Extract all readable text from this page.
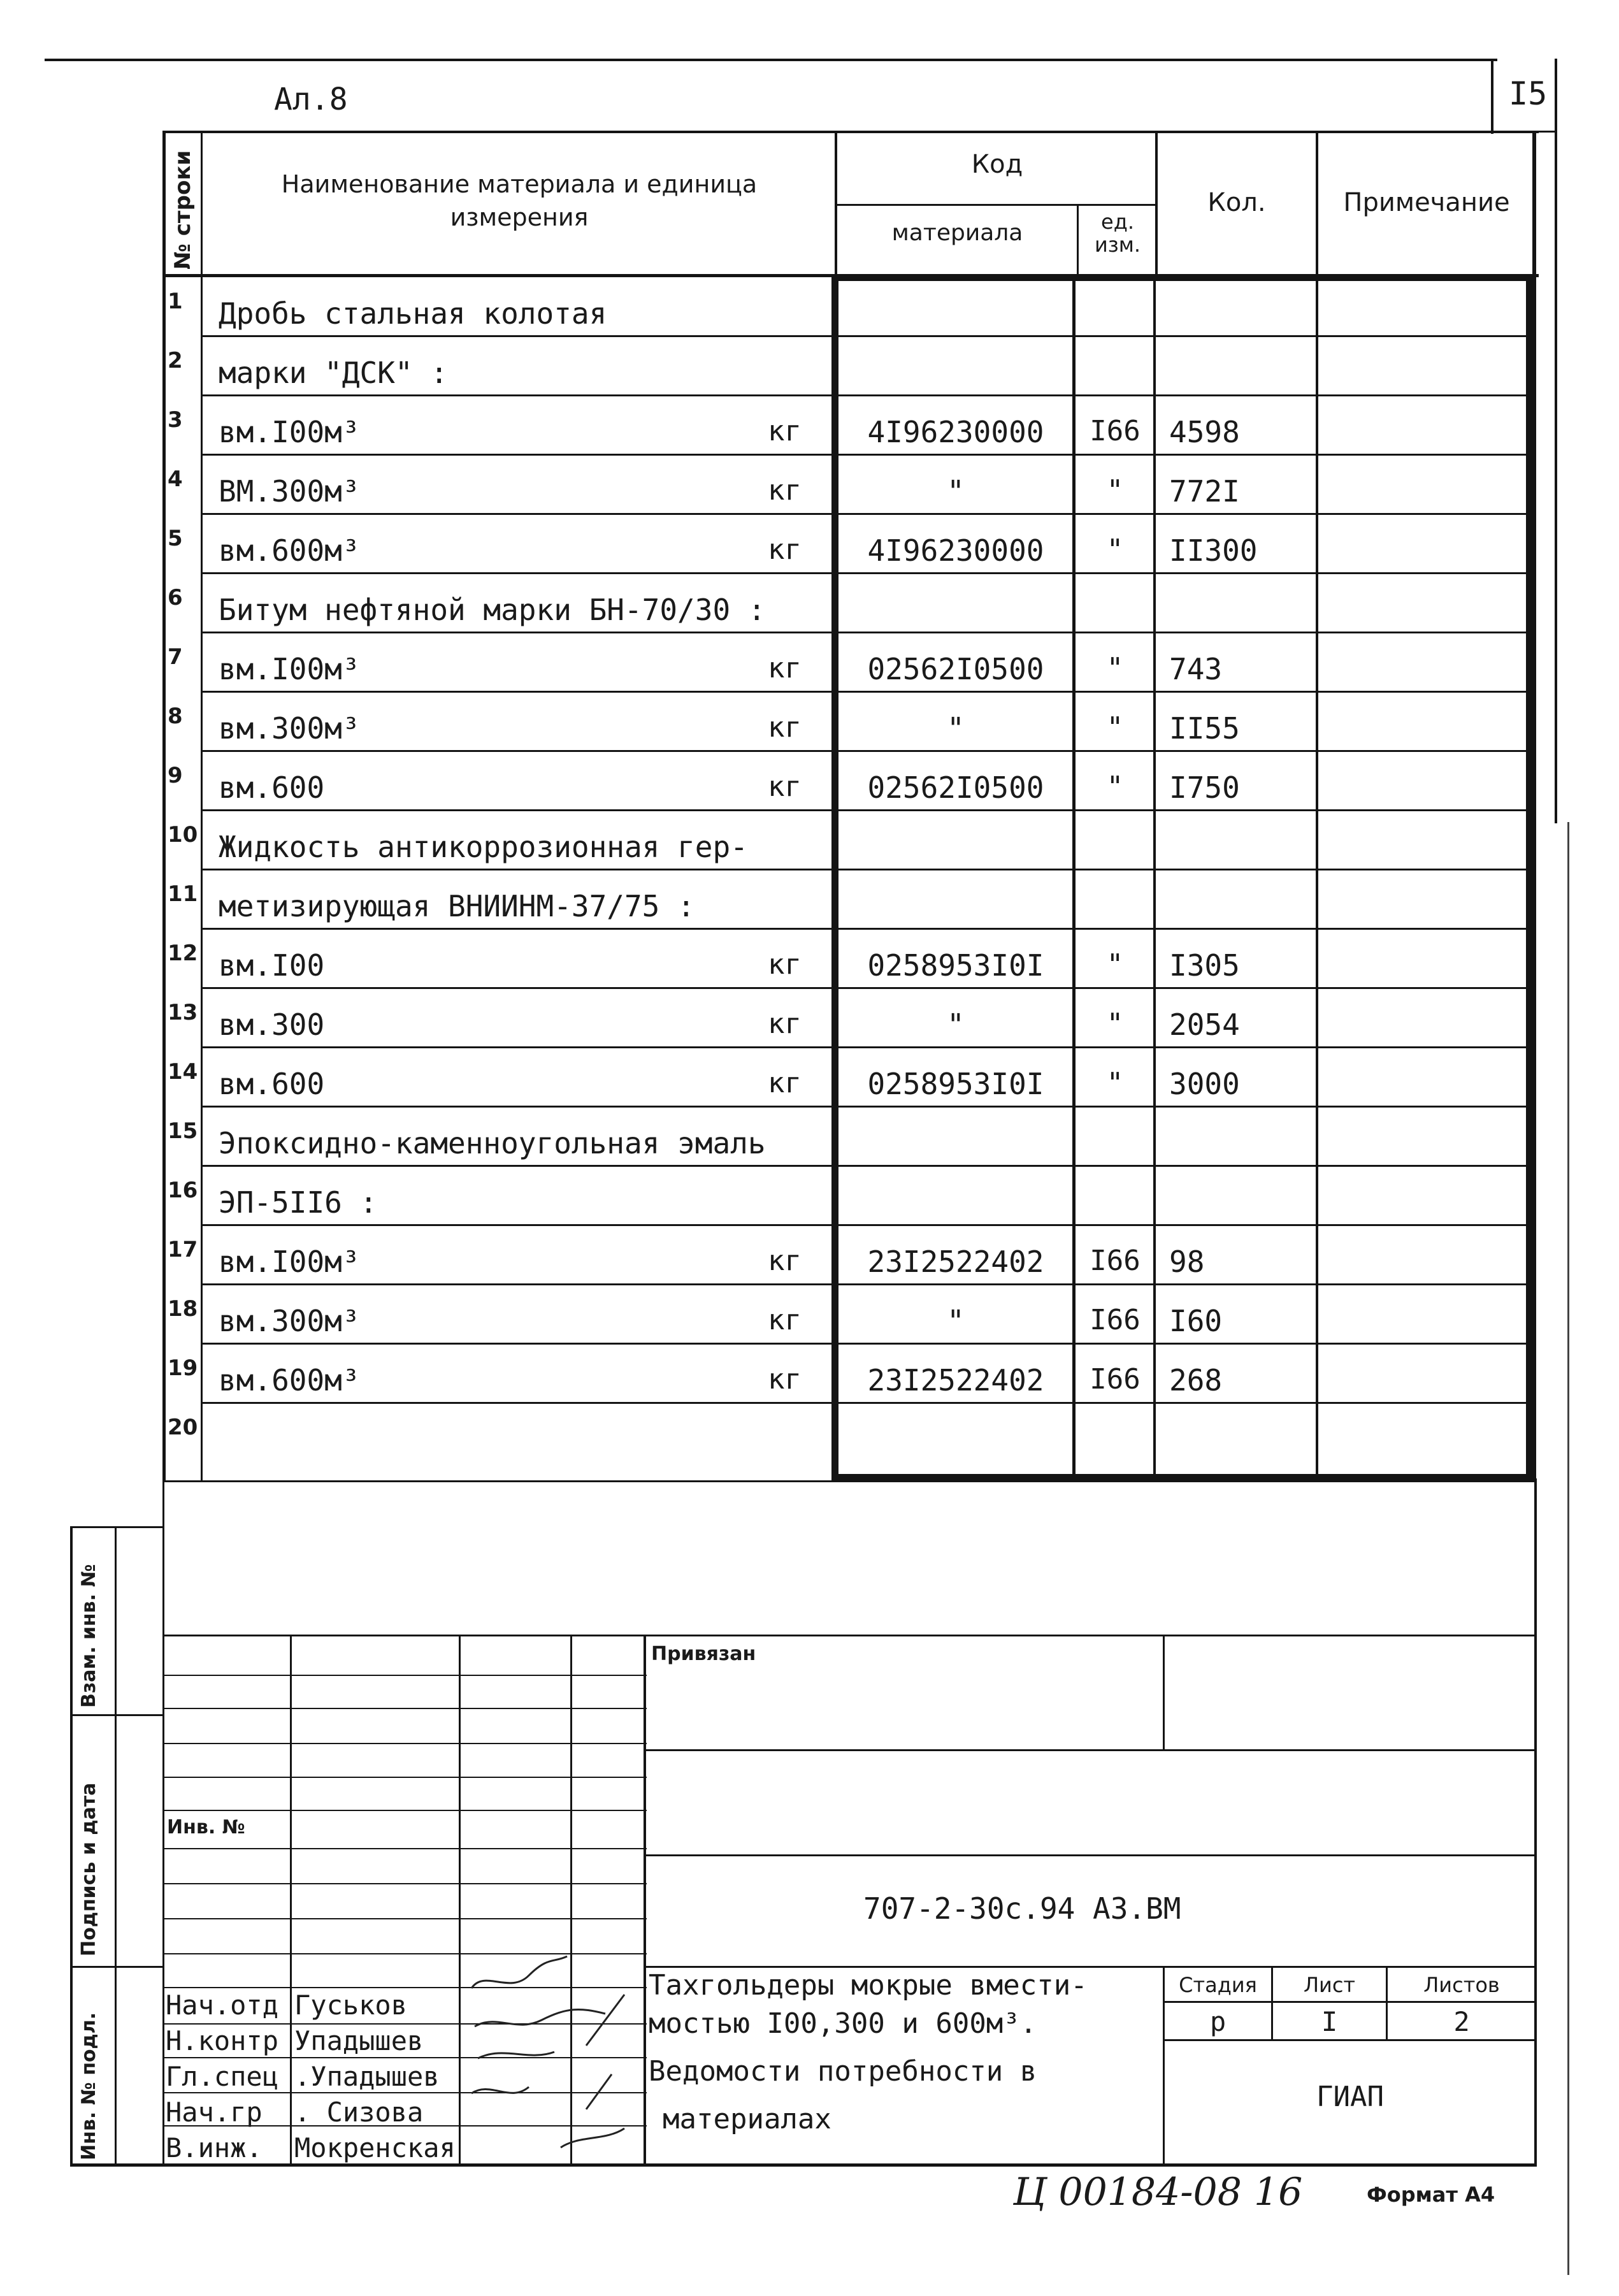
I5
Ал.8
№ строки	Наименование материала и единица измерения
Код
материала	ед. изм.
Кол.	Примечание
1	Дробь стальная колотая
2	марки "ДСК" :
3	вм.I00м³	кг	4I96230000	I66 4598
4	ВМ.300м³	кг	"	"	772I
5	вм.600м³	кг	4I96230000	"	II300
6	Битум нефтяной марки БН-70/30 :
7	вм.I00м³	кг	02562I0500	"	743
8	вм.300м³	кг	"	"	II55
9	вм.600	кг	02562I0500	"	I750
10 Жидкость антикоррозионная гер-
11 метизирующая ВНИИНМ-37/75 :
12 вм.I00	кг	0258953I0I	"	I305
13 вм.300	кг	"	"	2054
14 вм.600	кг	0258953I0I	"	3000
15 Эпоксидно-каменноугольная эмаль
16 ЭП-5II6 :
17 вм.I00м³	кг	23I2522402	I66 98
18 вм.300м³	кг	"	I66 I60
19 вм.600м³	кг	23I2522402	I66 268
20
Взам. инв. №
Подпись и дата
Инв. № подл.
Привязан
Инв. №
707-2-30с.94 АЗ.ВМ
Тахгольдеры мокрые вмести-
мостью I00,300 и 600м³.
Ведомости потребности в
материалах
Стадия	Лист	Листов
р	I	2
ГИАП
Нач.отд Гуськов
Н.контр Упадышев
Гл.спец .Упадышев
Нач.гр . Сизова
В.инж. Мокренская
Ц 00184-08 16	Формат А4
